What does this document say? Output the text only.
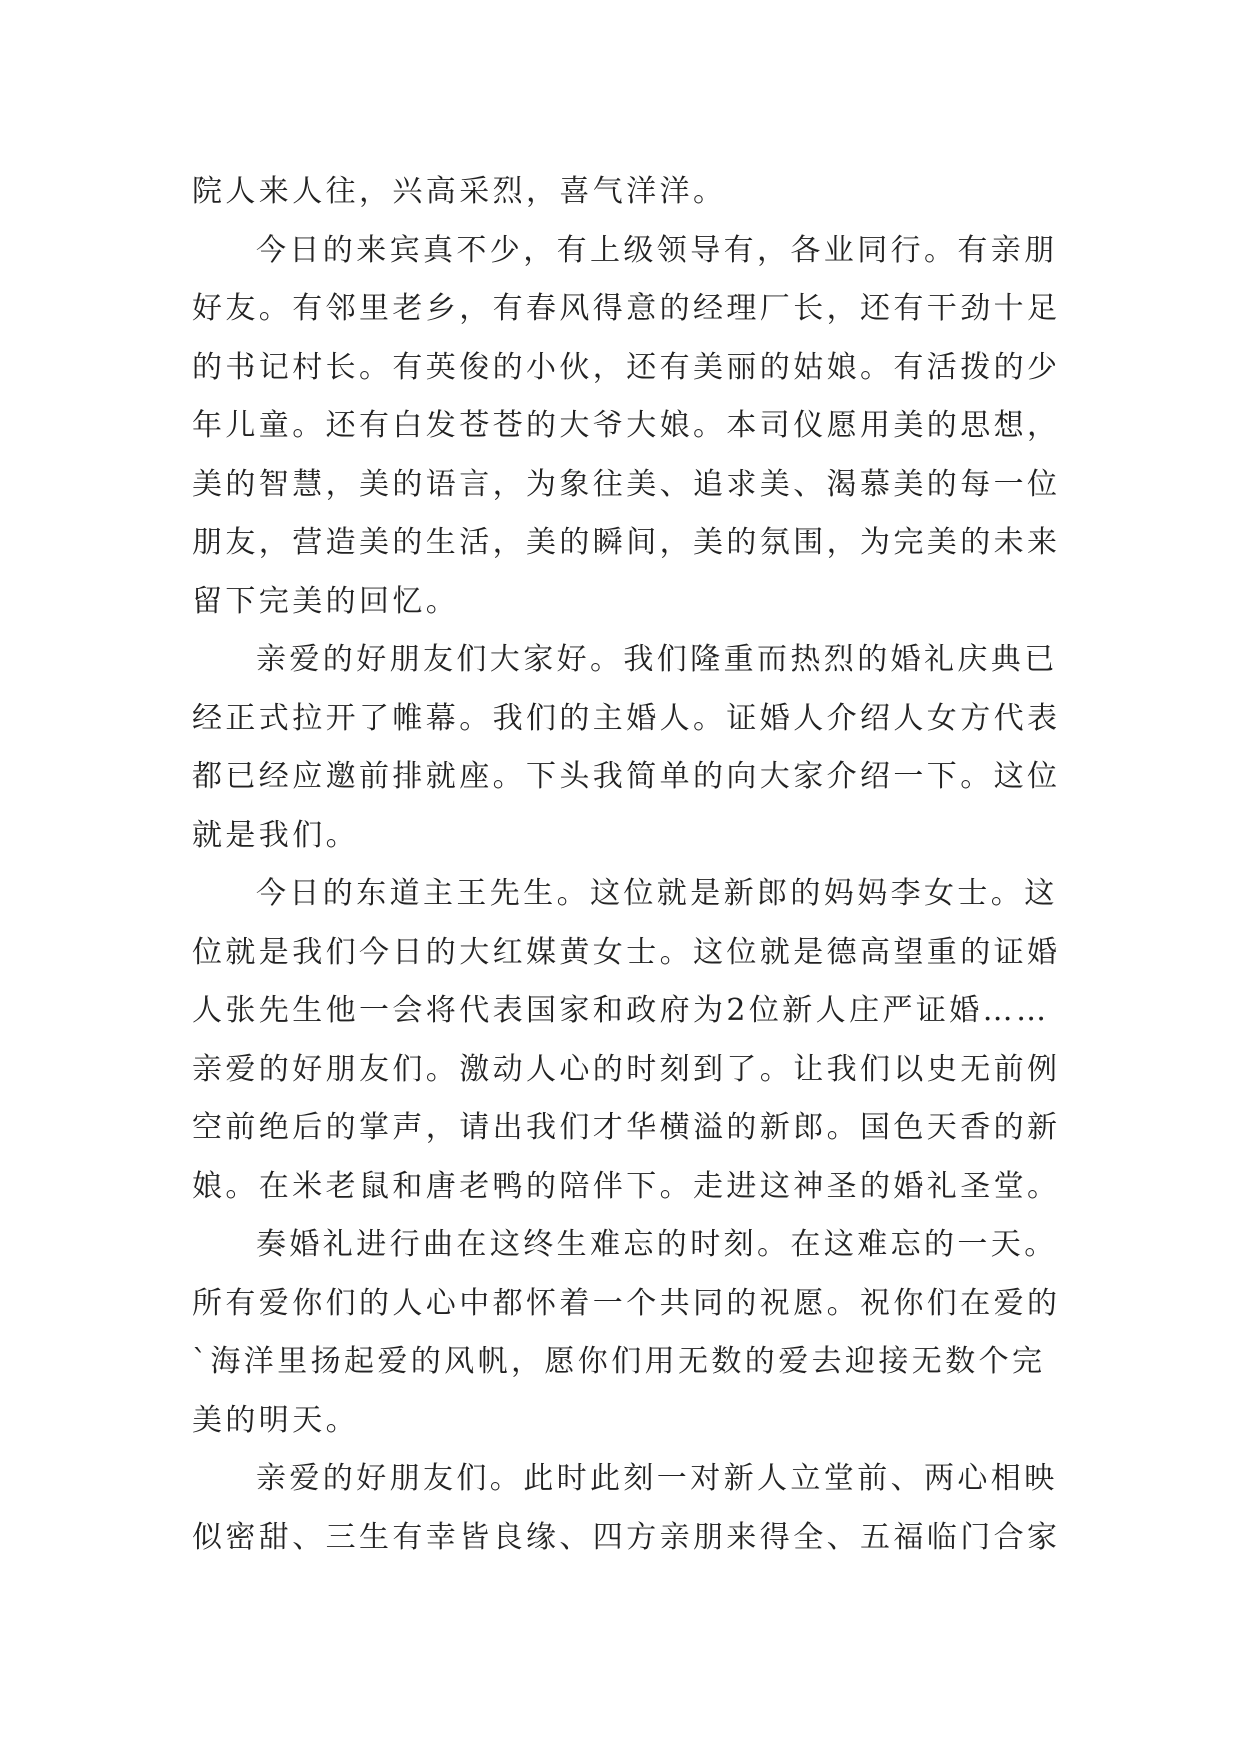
院人来人往，兴高采烈，喜气洋洋。
今日的来宾真不少，有上级领导有，各业同行。有亲朋
好友。有邻里老乡，有春风得意的经理厂长，还有干劲十足
的书记村长。有英俊的小伙，还有美丽的姑娘。有活拨的少
年儿童。还有白发苍苍的大爷大娘。本司仪愿用美的思想，
美的智慧，美的语言，为象往美、追求美、渴慕美的每一位
朋友，营造美的生活，美的瞬间，美的氛围，为完美的未来
留下完美的回忆。
亲爱的好朋友们大家好。我们隆重而热烈的婚礼庆典已
经正式拉开了帷幕。我们的主婚人。证婚人介绍人女方代表
都已经应邀前排就座。下头我简单的向大家介绍一下。这位
就是我们。
今日的东道主王先生。这位就是新郎的妈妈李女士。这
位就是我们今日的大红媒黄女士。这位就是德高望重的证婚
人张先生他一会将代表国家和政府为2位新人庄严证婚……
亲爱的好朋友们。激动人心的时刻到了。让我们以史无前例
空前绝后的掌声，请出我们才华横溢的新郎。国色天香的新
娘。在米老鼠和唐老鸭的陪伴下。走进这神圣的婚礼圣堂。
奏婚礼进行曲在这终生难忘的时刻。在这难忘的一天。
所有爱你们的人心中都怀着一个共同的祝愿。祝你们在爱的
`海洋里扬起爱的风帆，愿你们用无数的爱去迎接无数个完
美的明天。
亲爱的好朋友们。此时此刻一对新人立堂前、两心相映
似密甜、三生有幸皆良缘、四方亲朋来得全、五福临门合家
